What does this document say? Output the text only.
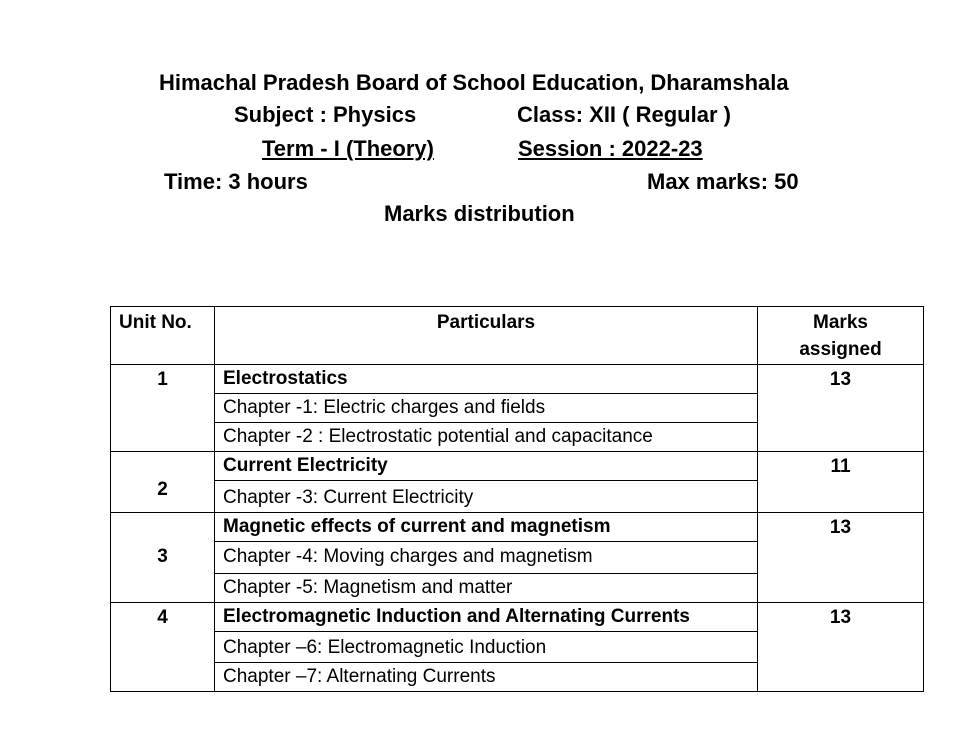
Himachal Pradesh Board of School Education, Dharamshala
Subject : Physics	Class: XII ( Regular )
Term - I (Theory)	Session : 2022-23
Time: 3 hours	Max marks: 50
Marks distribution
Unit No.	Particulars	Marks assigned
1	Electrostatics	13
	Chapter -1: Electric charges and fields	
	Chapter -2 : Electrostatic potential and capacitance	
2	Current Electricity	11
	Chapter -3: Current Electricity	
3	Magnetic effects of current and magnetism	13
	Chapter -4: Moving charges and magnetism	
	Chapter -5: Magnetism and matter	
4	Electromagnetic Induction and Alternating Currents	13
	Chapter –6: Electromagnetic Induction	
	Chapter –7: Alternating Currents	
